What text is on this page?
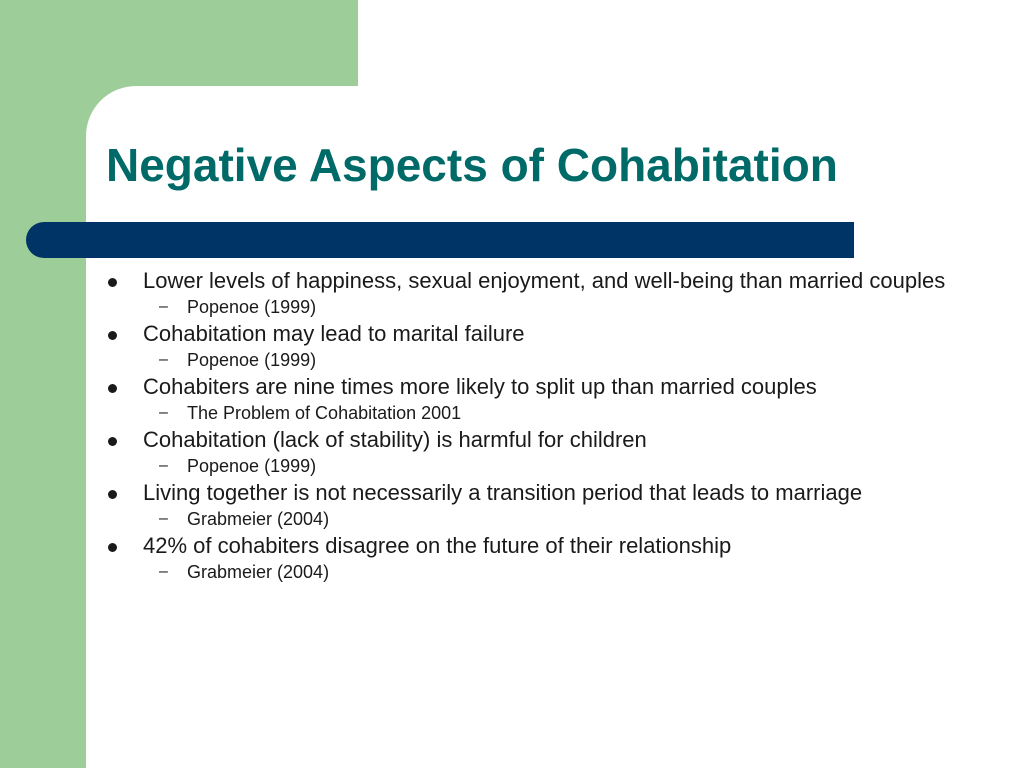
Negative Aspects of Cohabitation
Lower levels of happiness, sexual enjoyment, and well-being than married couples
– Popenoe (1999)
Cohabitation may lead to marital failure
– Popenoe (1999)
Cohabiters are nine times more likely to split up than married couples
– The Problem of Cohabitation 2001
Cohabitation (lack of stability) is harmful for children
– Popenoe (1999)
Living together is not necessarily a transition period that leads to marriage
– Grabmeier (2004)
42% of cohabiters disagree on the future of their relationship
– Grabmeier (2004)
